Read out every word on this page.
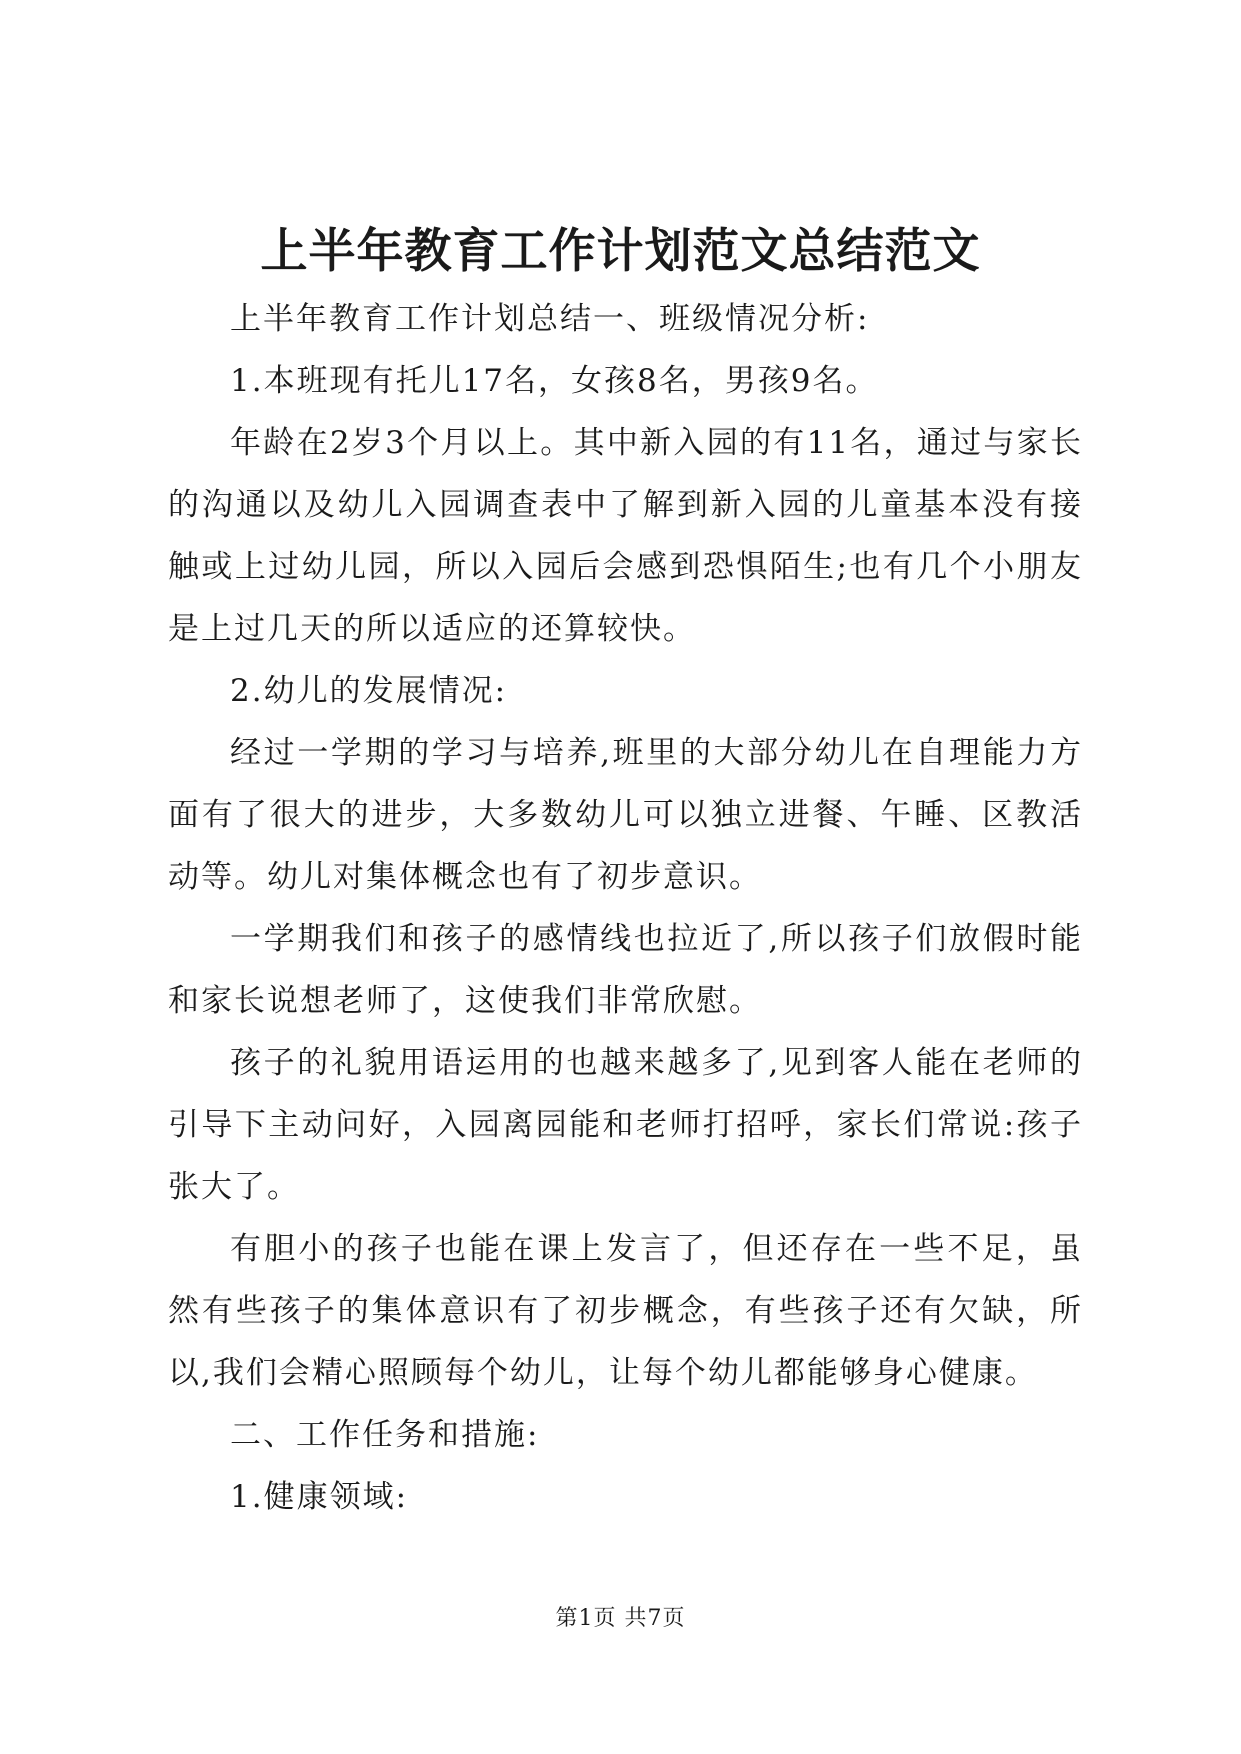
上半年教育工作计划范文总结范文

上半年教育工作计划总结一、班级情况分析:

1.本班现有托儿17名，女孩8名，男孩9名。

年龄在2岁3个月以上。其中新入园的有11名，通过与家长的沟通以及幼儿入园调查表中了解到新入园的儿童基本没有接触或上过幼儿园，所以入园后会感到恐惧陌生;也有几个小朋友是上过几天的所以适应的还算较快。

2.幼儿的发展情况:

经过一学期的学习与培养,班里的大部分幼儿在自理能力方面有了很大的进步，大多数幼儿可以独立进餐、午睡、区教活动等。幼儿对集体概念也有了初步意识。

一学期我们和孩子的感情线也拉近了,所以孩子们放假时能和家长说想老师了，这使我们非常欣慰。

孩子的礼貌用语运用的也越来越多了,见到客人能在老师的引导下主动问好，入园离园能和老师打招呼，家长们常说:孩子张大了。

有胆小的孩子也能在课上发言了，但还存在一些不足，虽然有些孩子的集体意识有了初步概念，有些孩子还有欠缺，所以,我们会精心照顾每个幼儿，让每个幼儿都能够身心健康。

二、工作任务和措施:

1.健康领域:

第1页 共7页
